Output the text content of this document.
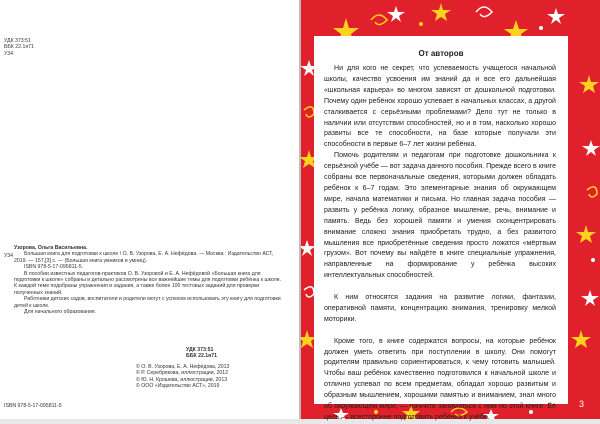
УДК 373:51
ББК 22.1я71
У34
У34

Узорова, Ольга Васильевна.

Большая книга для подготовки к школе / О. В. Узорова, Е. А. Нефёдова. — Москва : Издательство АСТ, 2019. — 157,[3] с. — (Большая книга умников и умниц).

ISBN 978-5-17-095811-5.

В пособии известных педагогов-практиков О. В. Узоровой и Е. А. Нефёдовой «Большая книга для подготовки к школе» собраны и детально рассмотрены все важнейшие темы для подготовки ребёнка к школе. К каждой теме подобраны упражнения и задания, а также более 100 тестовых заданий для проверки полученных знаний.

Работники детских садов, воспитатели и родители могут с успехом использовать эту книгу для подготовки детей к школе.

Для начального образования.

УДК 373:51
ББК 22.1я71
© О. В. Узорова, Е. А. Нефёдова, 2013
© Р. Серебрякова, иллюстрации, 2012
© Ю. Н. Крошева, иллюстрации, 2013
© ООО «Издательство АСТ», 2019
ISBN 978-5-17-095811-5
От авторов

Ни для кого не секрет, что успеваемость учащегося начальной школы, качество усвоения им знаний да и все его дальнейшая «школьная карьера» во многом зависят от дошкольной подготовки. Почему один ребёнок хорошо успевает в начальных классах, а другой сталкивается с серьёзными проблемами? Дело тут не только в наличии или отсутствии способностей, но и в том, насколько хорошо развиты все те способности, на базе которые получали эти способности в первые 6–7 лет жизни ребёнка.

Помочь родителям и педагогам при подготовке дошкольника к серьёзной учёбе — вот задача данного пособия. Прежде всего в книге собраны все первоначальные сведения, которыми должен обладать ребёнок к 6–7 годам. Это элементарные знания об окружающем мире, начала математики и письма. Но главная задача пособия — развить у ребёнка логику, образное мышление, речь, внимание и память. Ведь без хорошей памяти и умения сконцентрировать внимание сложно знания приобретать трудно, а без развитого мышления все приобретённые сведения просто ложатся «мёртвым грузом». Вот почему вы найдёте в книге специальные упражнения, направленные на формирование у ребёнка высоких интеллектуальных способностей.

К ним относятся задания на развитие логики, фантазии, оперативной памяти, концентрацию внимания, тренировку мелкой моторики.

Кроме того, в книге содержатся вопросы, на которые ребёнок должен уметь ответить при поступлении в школу. Они помогут родителям правильно сориентироваться, к чему готовить малышей. Чтобы ваш ребёнок качественно подготовился к начальной школе и отлично успевал по всем предметам, обладал хорошо развитым и образным мышлением, хорошими памятью и вниманием, знал много об окружающем мире, — начните заниматься с ним по этой книге. Ёё цель — всесторонне подготовить ребёнка к учёбе.

3
